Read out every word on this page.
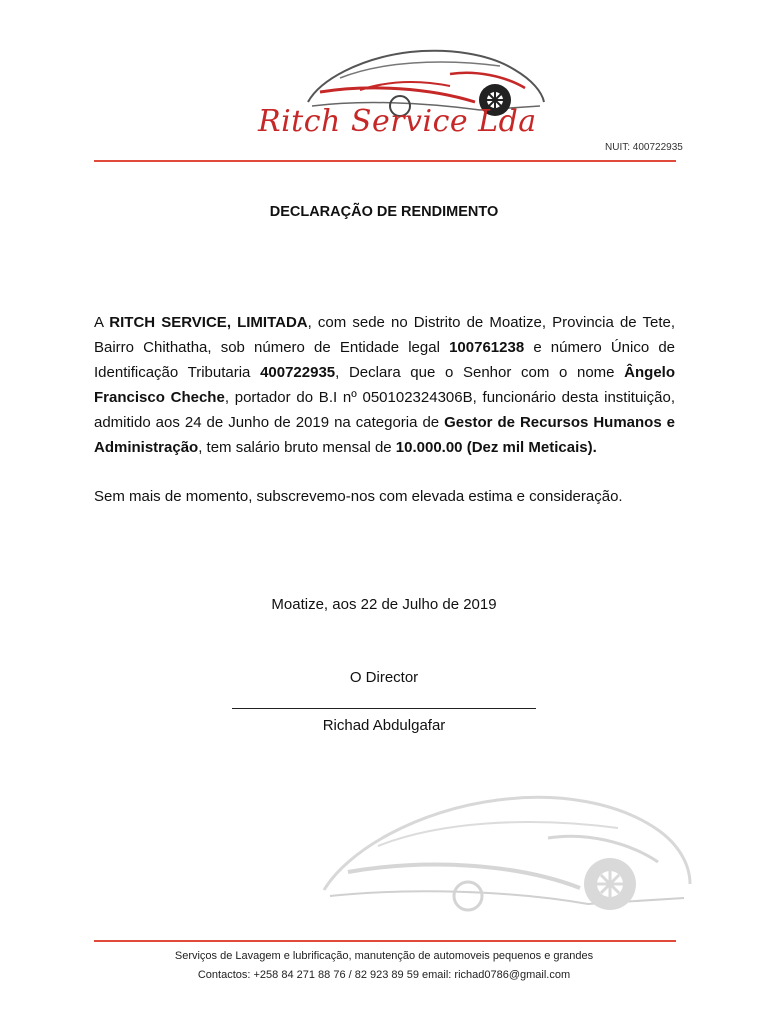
Ritch Service Lda
NUIT: 400722935
DECLARAÇÃO DE RENDIMENTO
A RITCH SERVICE, LIMITADA, com sede no Distrito de Moatize, Provincia de Tete, Bairro Chithatha, sob número de Entidade legal 100761238 e número Único de Identificação Tributaria 400722935, Declara que o Senhor com o nome Ângelo Francisco Cheche, portador do B.I nº 050102324306B, funcionário desta instituição, admitido aos 24 de Junho de 2019 na categoria de Gestor de Recursos Humanos e Administração, tem salário bruto mensal de 10.000.00 (Dez mil Meticais).
Sem mais de momento, subscrevemo-nos com elevada estima e consideração.
Moatize, aos 22 de Julho de 2019
O Director
Richad Abdulgafar
Serviços de Lavagem e lubrificação, manutenção de automoveis pequenos e grandes
Contactos: +258 84 271 88 76 / 82 923 89 59 email: richad0786@gmail.com
